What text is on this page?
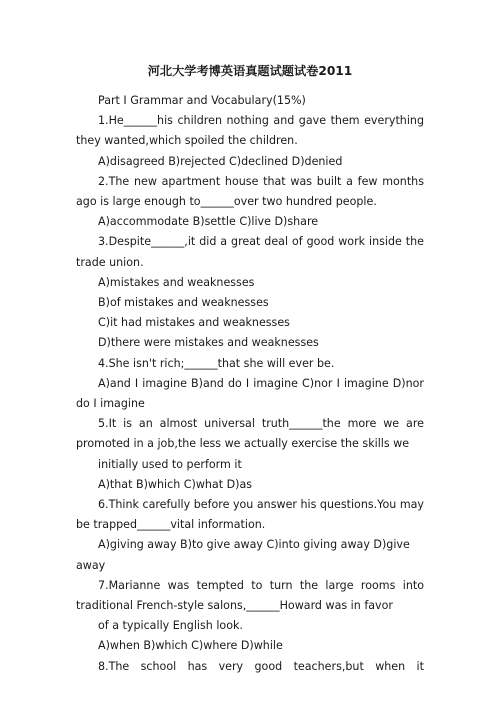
河北大学考博英语真题试题试卷2011

Part I Grammar and Vocabulary(15%)

1.He______his children nothing and gave them everything they wanted,which spoiled the children.

A)disagreed B)rejected C)declined D)denied

2.The new apartment house that was built a few months ago is large enough to______over two hundred people.

A)accommodate B)settle C)live D)share

3.Despite______,it did a great deal of good work inside the trade union.

A)mistakes and weaknesses

B)of mistakes and weaknesses

C)it had mistakes and weaknesses

D)there were mistakes and weaknesses

4.She isn't rich;______that she will ever be.

A)and I imagine B)and do I imagine C)nor I imagine D)nor do I imagine

5.It is an almost universal truth______the more we are promoted in a job,the less we actually exercise the skills we

initially used to perform it

A)that B)which C)what D)as

6.Think carefully before you answer his questions.You may be trapped______vital information.

A)giving away B)to give away C)into giving away D)give away

7.Marianne was tempted to turn the large rooms into traditional French-style salons,______Howard was in favor

of a typically English look.

A)when B)which C)where D)while

8.The school has very good teachers,but when it
